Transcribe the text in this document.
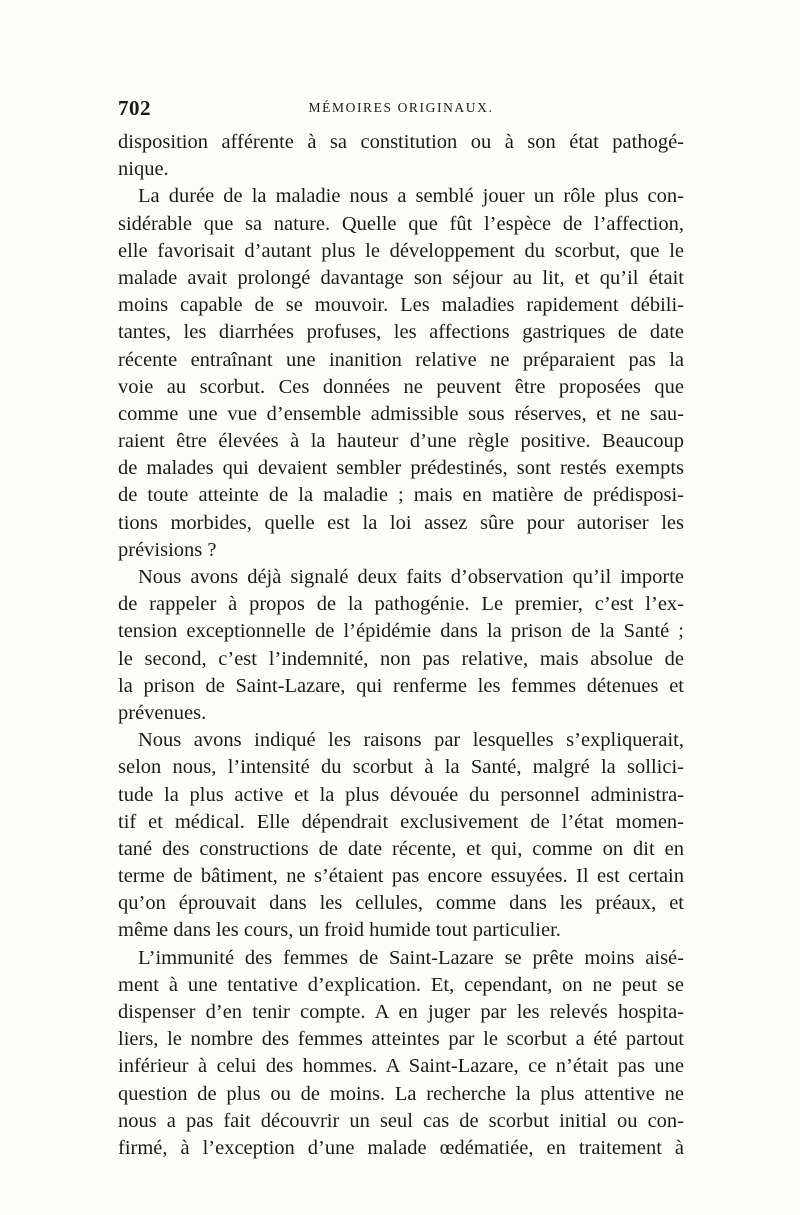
702	MÉMOIRES ORIGINAUX.
disposition afférente à sa constitution ou à son état pathogé-
nique.
La durée de la maladie nous a semblé jouer un rôle plus con-
sidérable que sa nature. Quelle que fût l’espèce de l’affection,
elle favorisait d’autant plus le développement du scorbut, que le
malade avait prolongé davantage son séjour au lit, et qu’il était
moins capable de se mouvoir. Les maladies rapidement débili-
tantes, les diarrhées profuses, les affections gastriques de date
récente entraînant une inanition relative ne préparaient pas la
voie au scorbut. Ces données ne peuvent être proposées que
comme une vue d’ensemble admissible sous réserves, et ne sau-
raient être élevées à la hauteur d’une règle positive. Beaucoup
de malades qui devaient sembler prédestinés, sont restés exempts
de toute atteinte de la maladie ; mais en matière de prédisposi-
tions morbides, quelle est la loi assez sûre pour autoriser les
prévisions ?
Nous avons déjà signalé deux faits d’observation qu’il importe
de rappeler à propos de la pathogénie. Le premier, c’est l’ex-
tension exceptionnelle de l’épidémie dans la prison de la Santé ;
le second, c’est l’indemnité, non pas relative, mais absolue de
la prison de Saint-Lazare, qui renferme les femmes détenues et
prévenues.
Nous avons indiqué les raisons par lesquelles s’expliquerait,
selon nous, l’intensité du scorbut à la Santé, malgré la sollici-
tude la plus active et la plus dévouée du personnel administra-
tif et médical. Elle dépendrait exclusivement de l’état momen-
tané des constructions de date récente, et qui, comme on dit en
terme de bâtiment, ne s’étaient pas encore essuyées. Il est certain
qu’on éprouvait dans les cellules, comme dans les préaux, et
même dans les cours, un froid humide tout particulier.
L’immunité des femmes de Saint-Lazare se prête moins aisé-
ment à une tentative d’explication. Et, cependant, on ne peut se
dispenser d’en tenir compte. A en juger par les relevés hospita-
liers, le nombre des femmes atteintes par le scorbut a été partout
inférieur à celui des hommes. A Saint-Lazare, ce n’était pas une
question de plus ou de moins. La recherche la plus attentive ne
nous a pas fait découvrir un seul cas de scorbut initial ou con-
firmé, à l’exception d’une malade œdématiée, en traitement à
